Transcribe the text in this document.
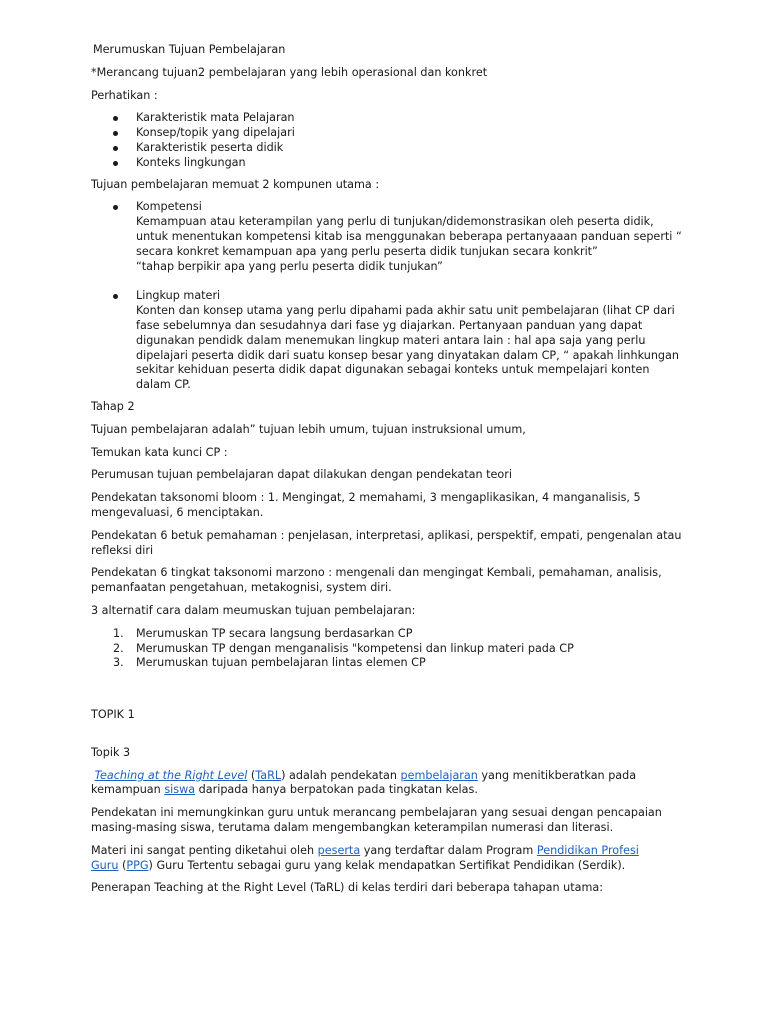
Merumuskan Tujuan Pembelajaran

*Merancang tujuan2 pembelajaran yang lebih operasional dan konkret

Perhatikan :

Karakteristik mata Pelajaran
Konsep/topik yang dipelajari
Karakteristik peserta didik
Konteks lingkungan

Tujuan pembelajaran memuat 2 kompunen utama :

Kompetensi
Kemampuan atau keterampilan yang perlu di tunjukan/didemonstrasikan oleh peserta didik,
untuk menentukan kompetensi kitab isa menggunakan beberapa pertanyaaan panduan seperti “
secara konkret kemampuan apa yang perlu peserta didik tunjukan secara konkrit”
“tahap berpikir apa yang perlu peserta didik tunjukan”
Lingkup materi
Konten dan konsep utama yang perlu dipahami pada akhir satu unit pembelajaran (lihat CP dari
fase sebelumnya dan sesudahnya dari fase yg diajarkan. Pertanyaan panduan yang dapat
digunakan pendidk dalam menemukan lingkup materi antara lain : hal apa saja yang perlu
dipelajari peserta didik dari suatu konsep besar yang dinyatakan dalam CP, “ apakah linhkungan
sekitar kehiduan peserta didik dapat digunakan sebagai konteks untuk mempelajari konten
dalam CP.

Tahap 2

Tujuan pembelajaran adalah” tujuan lebih umum, tujuan instruksional umum,

Temukan kata kunci CP :

Perumusan tujuan pembelajaran dapat dilakukan dengan pendekatan teori

Pendekatan taksonomi bloom : 1. Mengingat, 2 memahami, 3 mengaplikasikan, 4 manganalisis, 5
mengevaluasi, 6 menciptakan.

Pendekatan 6 betuk pemahaman : penjelasan, interpretasi, aplikasi, perspektif, empati, pengenalan atau
refleksi diri

Pendekatan 6 tingkat taksonomi marzono : mengenali dan mengingat Kembali, pemahaman, analisis,
pemanfaatan pengetahuan, metakognisi, system diri.

3 alternatif cara dalam meumuskan tujuan pembelajaran:

1. Merumuskan TP secara langsung berdasarkan CP
2. Merumuskan TP dengan menganalisis "kompetensi dan linkup materi pada CP
3. Merumuskan tujuan pembelajaran lintas elemen CP

TOPIK 1

Topik 3

Teaching at the Right Level (TaRL) adalah pendekatan pembelajaran yang menitikberatkan pada
kemampuan siswa daripada hanya berpatokan pada tingkatan kelas.

Pendekatan ini memungkinkan guru untuk merancang pembelajaran yang sesuai dengan pencapaian
masing-masing siswa, terutama dalam mengembangkan keterampilan numerasi dan literasi.

Materi ini sangat penting diketahui oleh peserta yang terdaftar dalam Program Pendidikan Profesi
Guru (PPG) Guru Tertentu sebagai guru yang kelak mendapatkan Sertifikat Pendidikan (Serdik).

Penerapan Teaching at the Right Level (TaRL) di kelas terdiri dari beberapa tahapan utama:
